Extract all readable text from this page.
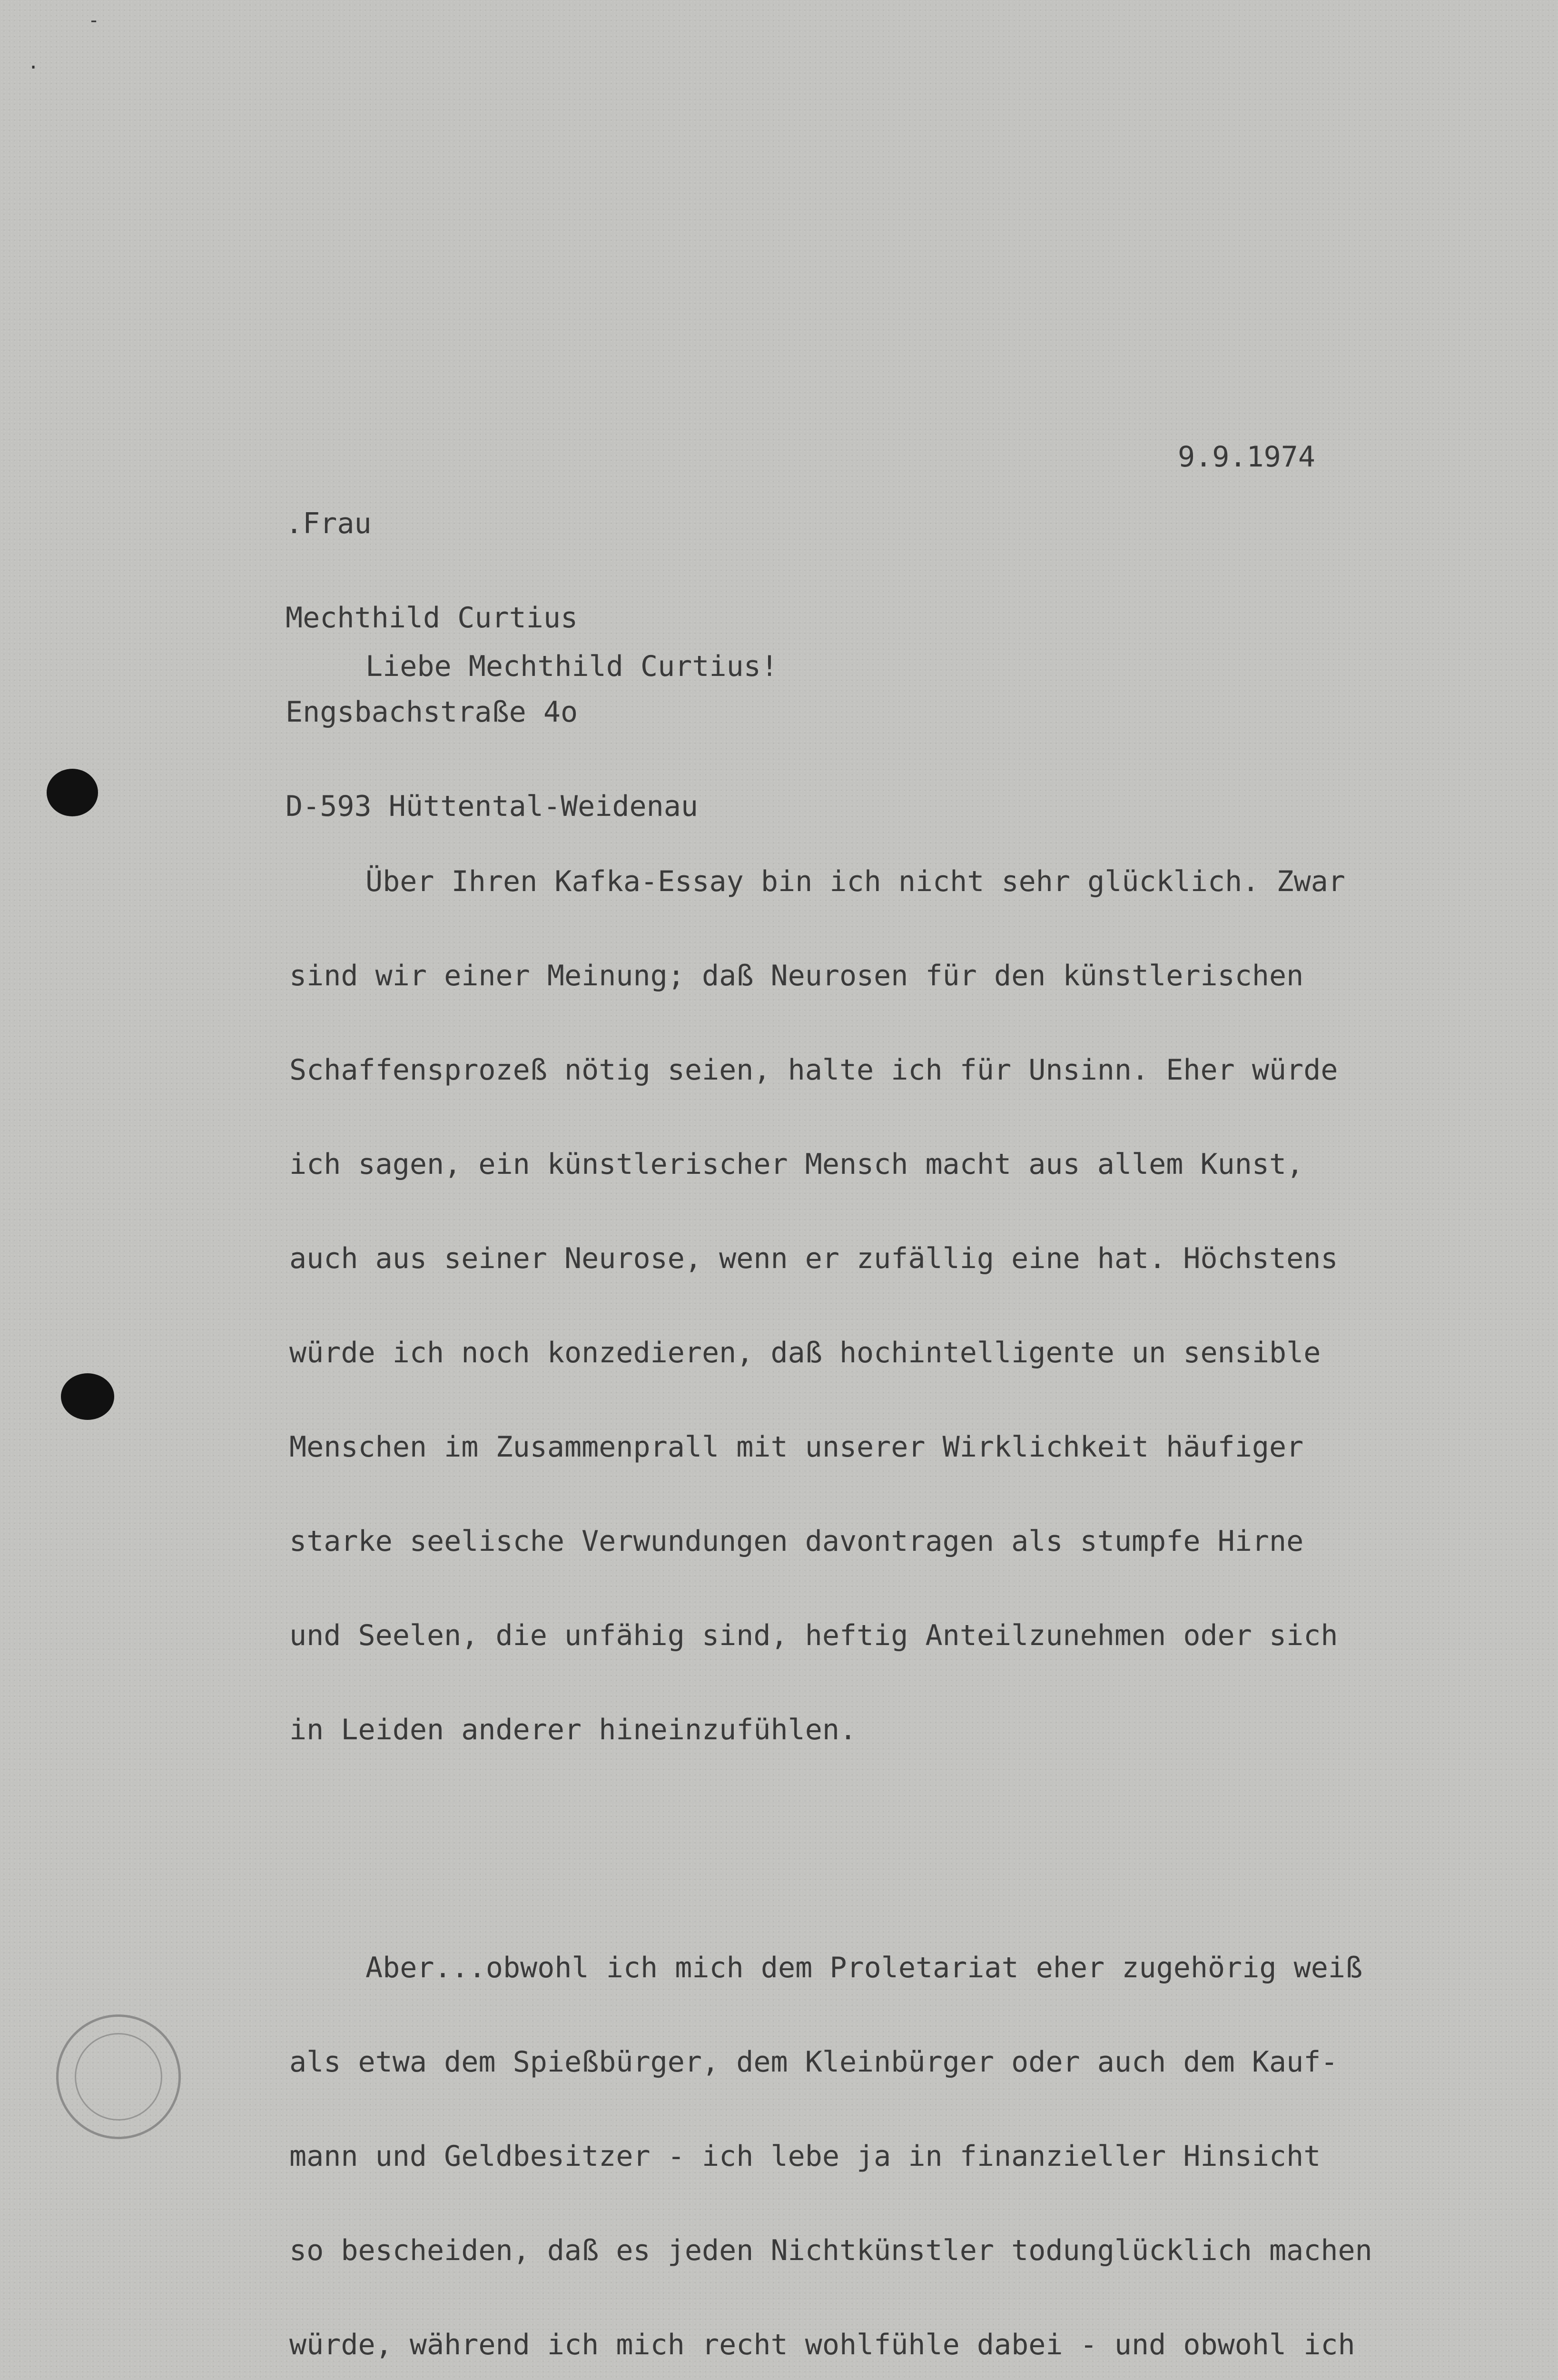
-
.
9.9.1974

.Frau

Mechthild Curtius

Engsbachstraße 4o

D-593 Hüttental-Weidenau

Liebe Mechthild Curtius!

Über Ihren Kafka-Essay bin ich nicht sehr glücklich. Zwar

sind wir einer Meinung; daß Neurosen für den künstlerischen

Schaffensprozeß nötig seien, halte ich für Unsinn. Eher würde

ich sagen, ein künstlerischer Mensch macht aus allem Kunst,

auch aus seiner Neurose, wenn er zufällig eine hat. Höchstens

würde ich noch konzedieren, daß hochintelligente un sensible

Menschen im Zusammenprall mit unserer Wirklichkeit häufiger

starke seelische Verwundungen davontragen als stumpfe Hirne

und Seelen, die unfähig sind, heftig Anteilzunehmen oder sich

in Leiden anderer hineinzufühlen.

Aber...obwohl ich mich dem Proletariat eher zugehörig weiß

als etwa dem Spießbürger, dem Kleinbürger oder auch dem Kauf-

mann und Geldbesitzer - ich lebe ja in finanzieller Hinsicht

so bescheiden, daß es jeden Nichtkünstler todunglücklich machen

würde, während ich mich recht wohlfühle dabei - und obwohl ich
